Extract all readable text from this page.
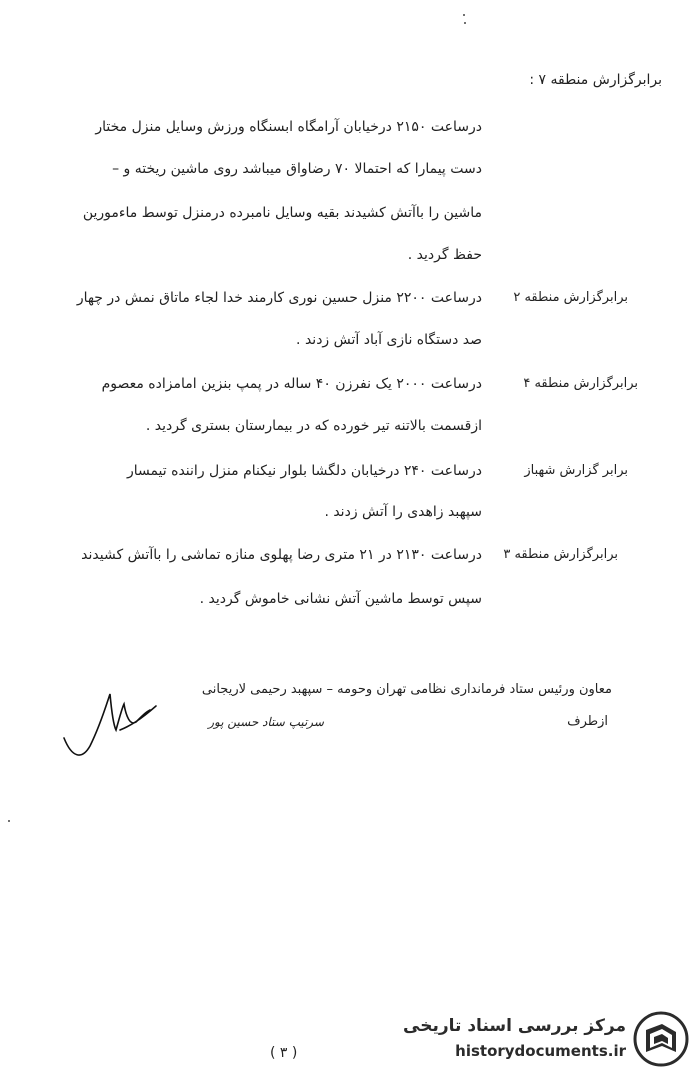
برابرگزارش منطقه ۷ :
درساعت ۲۱۵۰ درخیابان آرامگاه ابسنگاه ورزش وسایل منزل مختار
دست پیمارا که احتمالا ۷۰ رضاواق میباشد روی ماشین ریخته و –
ماشین را باآتش کشیدند بقیه وسایل نامبرده درمنزل توسط ماءمورین
حفظ گردید .
برابرگزارش منطقه ۲
درساعت ۲۲۰۰ منزل حسین نوری کارمند خدا‌ لجاء ماتاق نمش در چهار
صد دستگاه نازی آباد آتش زدند .
برابرگزارش منطقه ۴
درساعت ۲۰۰۰ یک نفرزن ۴۰ ساله در پمپ بنزین امامزاده معصوم
ازقسمت بالاتنه تیر خورده که در بیمارستان بستری گردید .
برابر گزارش شهباز
درساعت ۲۴۰ درخیابان دلگشا بلوار نیکنام منزل راننده تیمسار
سپهبد زاهدی را آتش زدند .
برابرگزارش منطقه ۳
درساعت ۲۱۳۰ در ۲۱ متری رضا پهلوی منازه تماشی را باآتش کشیدند
سپس توسط ماشین آتش نشانی خاموش گردید .
معاون ورئیس ستاد فرمانداری نظامی تهران وحومه – سپهبد رحیمی لاریجانی
ازطرف
سرتیپ ستاد حسین پور
( ۳ )
مرکز بررسی اسناد تاریخی
historydocuments.ir
